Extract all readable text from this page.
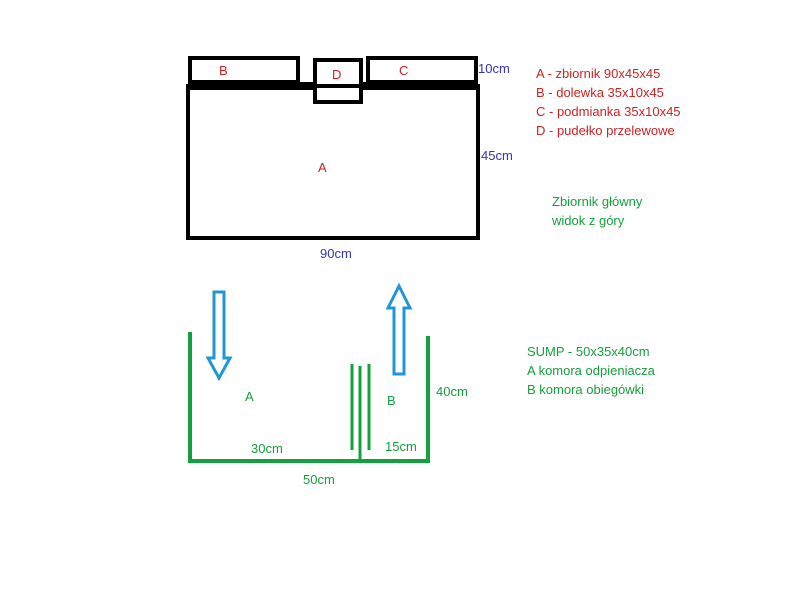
B	D	C
A
10cm
45cm
90cm
A - zbiornik 90x45x45
B - dolewka 35x10x45
C - podmianka 35x10x45
D - pudełko przelewowe
Zbiornik główny
widok z góry
A	B
40cm
30cm	15cm
50cm
SUMP - 50x35x40cm
A komora odpieniacza
B komora obiegówki
